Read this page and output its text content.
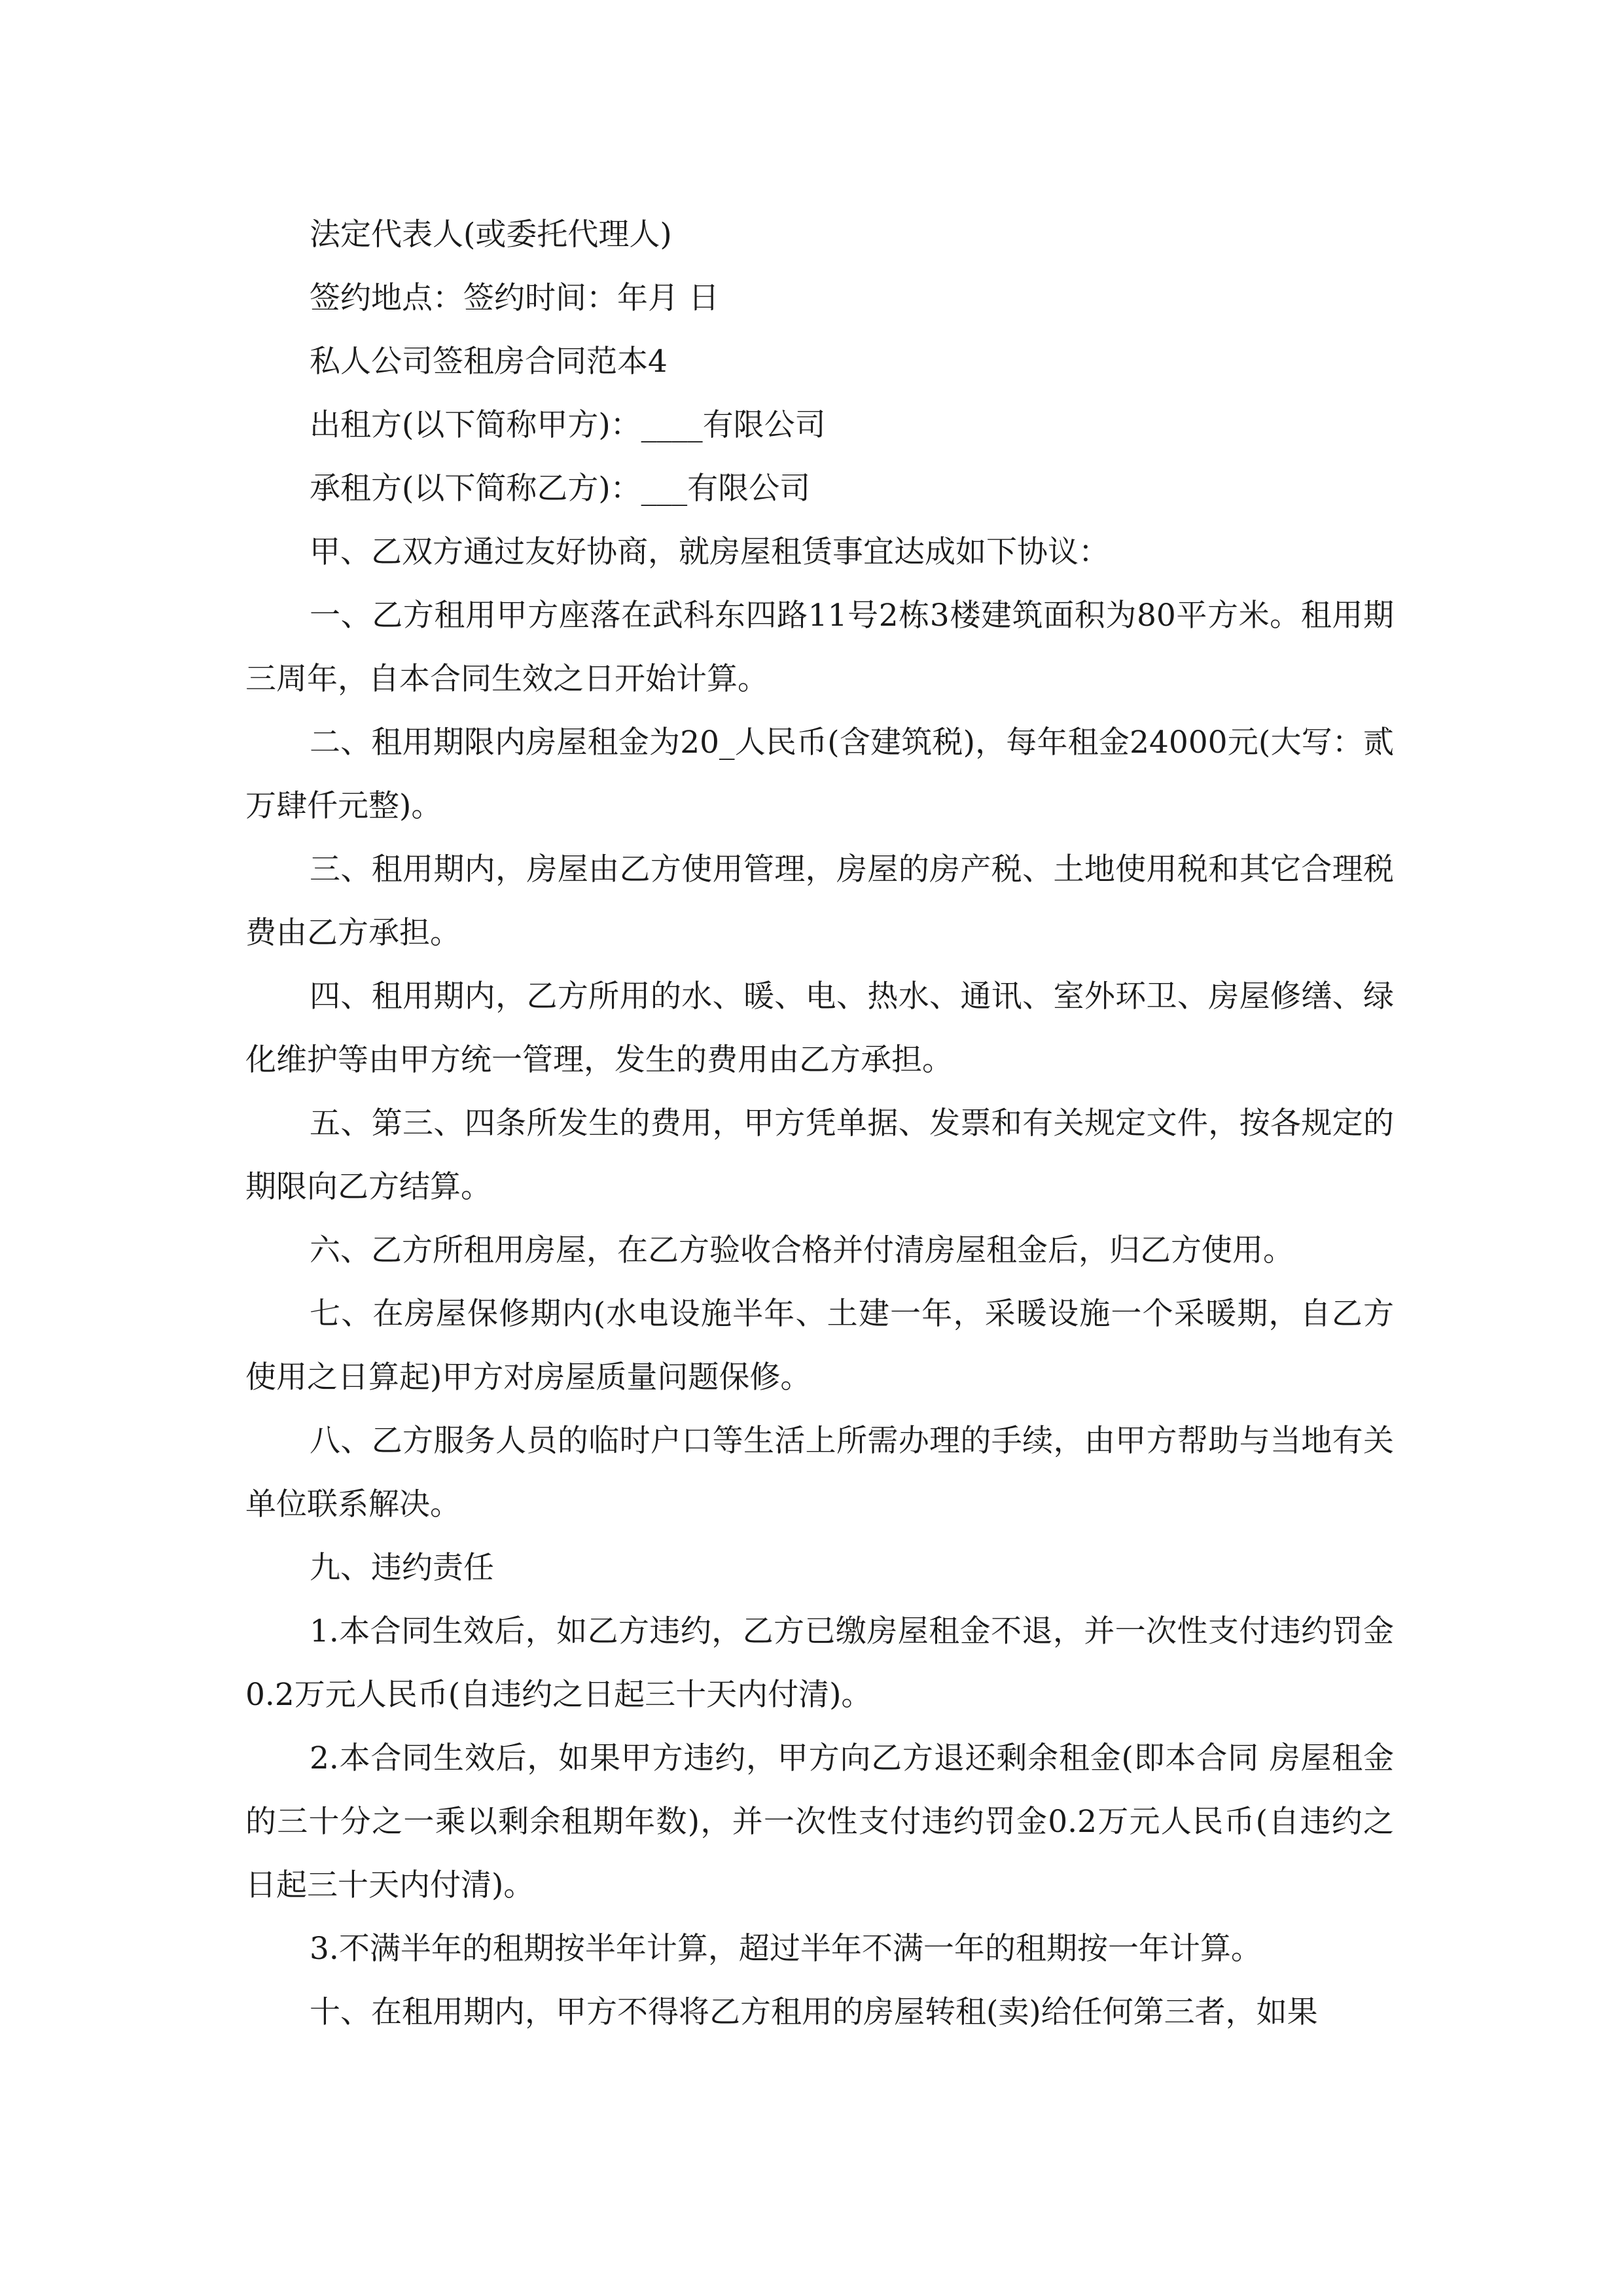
法定代表人(或委托代理人)

签约地点：签约时间：年月 日

私人公司签租房合同范本4

出租方(以下简称甲方)：____有限公司

承租方(以下简称乙方)：___有限公司

甲、乙双方通过友好协商，就房屋租赁事宜达成如下协议：

一、乙方租用甲方座落在武科东四路11号2栋3楼建筑面积为80平方米。租用期三周年，自本合同生效之日开始计算。

二、租用期限内房屋租金为20_人民币(含建筑税)，每年租金24000元(大写：贰万肆仟元整)。

三、租用期内，房屋由乙方使用管理，房屋的房产税、土地使用税和其它合理税费由乙方承担。

四、租用期内，乙方所用的水、暖、电、热水、通讯、室外环卫、房屋修缮、绿化维护等由甲方统一管理，发生的费用由乙方承担。

五、第三、四条所发生的费用，甲方凭单据、发票和有关规定文件，按各规定的期限向乙方结算。

六、乙方所租用房屋，在乙方验收合格并付清房屋租金后，归乙方使用。

七、在房屋保修期内(水电设施半年、土建一年，采暖设施一个采暖期，自乙方使用之日算起)甲方对房屋质量问题保修。

八、乙方服务人员的临时户口等生活上所需办理的手续，由甲方帮助与当地有关单位联系解决。

九、违约责任

1.本合同生效后，如乙方违约，乙方已缴房屋租金不退，并一次性支付违约罚金0.2万元人民币(自违约之日起三十天内付清)。

2.本合同生效后，如果甲方违约，甲方向乙方退还剩余租金(即本合同 房屋租金的三十分之一乘以剩余租期年数)，并一次性支付违约罚金0.2万元人民币(自违约之日起三十天内付清)。

3.不满半年的租期按半年计算，超过半年不满一年的租期按一年计算。

十、在租用期内，甲方不得将乙方租用的房屋转租(卖)给任何第三者，如果
